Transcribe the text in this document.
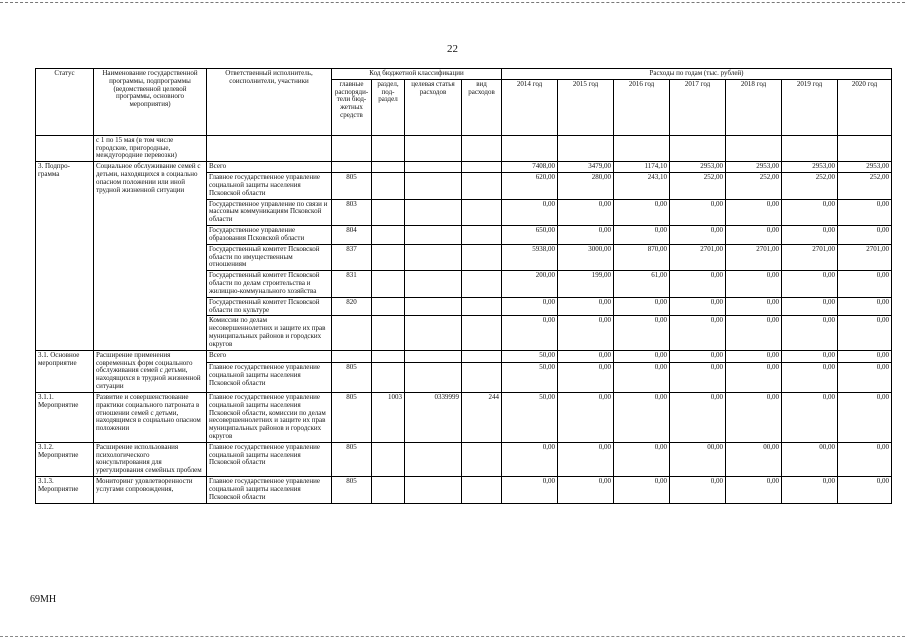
22
Статус	Наименование государственной программы, подпрограммы (ведомственной целевой программы, основного мероприятия)	Ответственный исполнитель, соисполнители, участники	Код бюджетной классификации				Расходы по годам (тыс. рублей)						
			главные распоряди-тели бюд-жетных средств	раздел, под-раздел	целевая статья расходов	вид расходов	2014 год	2015 год	2016 год	2017 год	2018 год	2019 год	2020 год
	с 1 по 15 мая (в том числе городские, пригородные, междугородние перевозки)												
3. Подпро-грамма	Социальное обслуживание семей с детьми, находящихся в социально опасном положении или иной трудной жизненной ситуации	Всего					7408,00	3479,00	1174,10	2953,00	2953,00	2953,00	2953,00
		Главное государственное управление социальной защиты населения Псковской области	805				620,00	280,00	243,10	252,00	252,00	252,00	252,00
		Государственное управление по связи и массовым коммуникациям Псковской области	803				0,00	0,00	0,00	0,00	0,00	0,00	0,00
		Государственное управление образования Псковской области	804				650,00	0,00	0,00	0,00	0,00	0,00	0,00
		Государственный комитет Псковской области по имущественным отношениям	837				5938,00	3000,00	870,00	2701,00	2701,00	2701,00	2701,00
		Государственный комитет Псковской области по делам строительства и жилищно-коммунального хозяйства	831				200,00	199,00	61,00	0,00	0,00	0,00	0,00
		Государственный комитет Псковской области по культуре	820				0,00	0,00	0,00	0,00	0,00	0,00	0,00
		Комиссии по делам несовершеннолетних и защите их прав муниципальных районов и городских округов					0,00	0,00	0,00	0,00	0,00	0,00	0,00
3.1. Основное мероприятие	Расширение применения современных форм социального обслуживания семей с детьми, находящихся в трудной жизненной ситуации	Всего					50,00	0,00	0,00	0,00	0,00	0,00	0,00
		Главное государственное управление социальной защиты населения Псковской области	805				50,00	0,00	0,00	0,00	0,00	0,00	0,00
3.1.1. Мероприятие	Развитие и совершенствование практики социального патроната в отношении семей с детьми, находящимся в социально опасном положении	Главное государственное управление социальной защиты населения Псковской области, комиссии по делам несовершеннолетних и защите их прав муниципальных районов и городских округов	805	1003	0339999	244	50,00	0,00	0,00	0,00	0,00	0,00	0,00
3.1.2. Мероприятие	Расширение использования психологического консультирования для урегулирования семейных проблем	Главное государственное управление социальной защиты населения Псковской области	805				0,00	0,00	0,00	00,00	00,00	00,00	0,00
3.1.3. Мероприятие	Мониторинг удовлетворенности услугами сопровождения,	Главное государственное управление социальной защиты населения Псковской области	805				0,00	0,00	0,00	0,00	0,00	0,00	0,00
69МН
